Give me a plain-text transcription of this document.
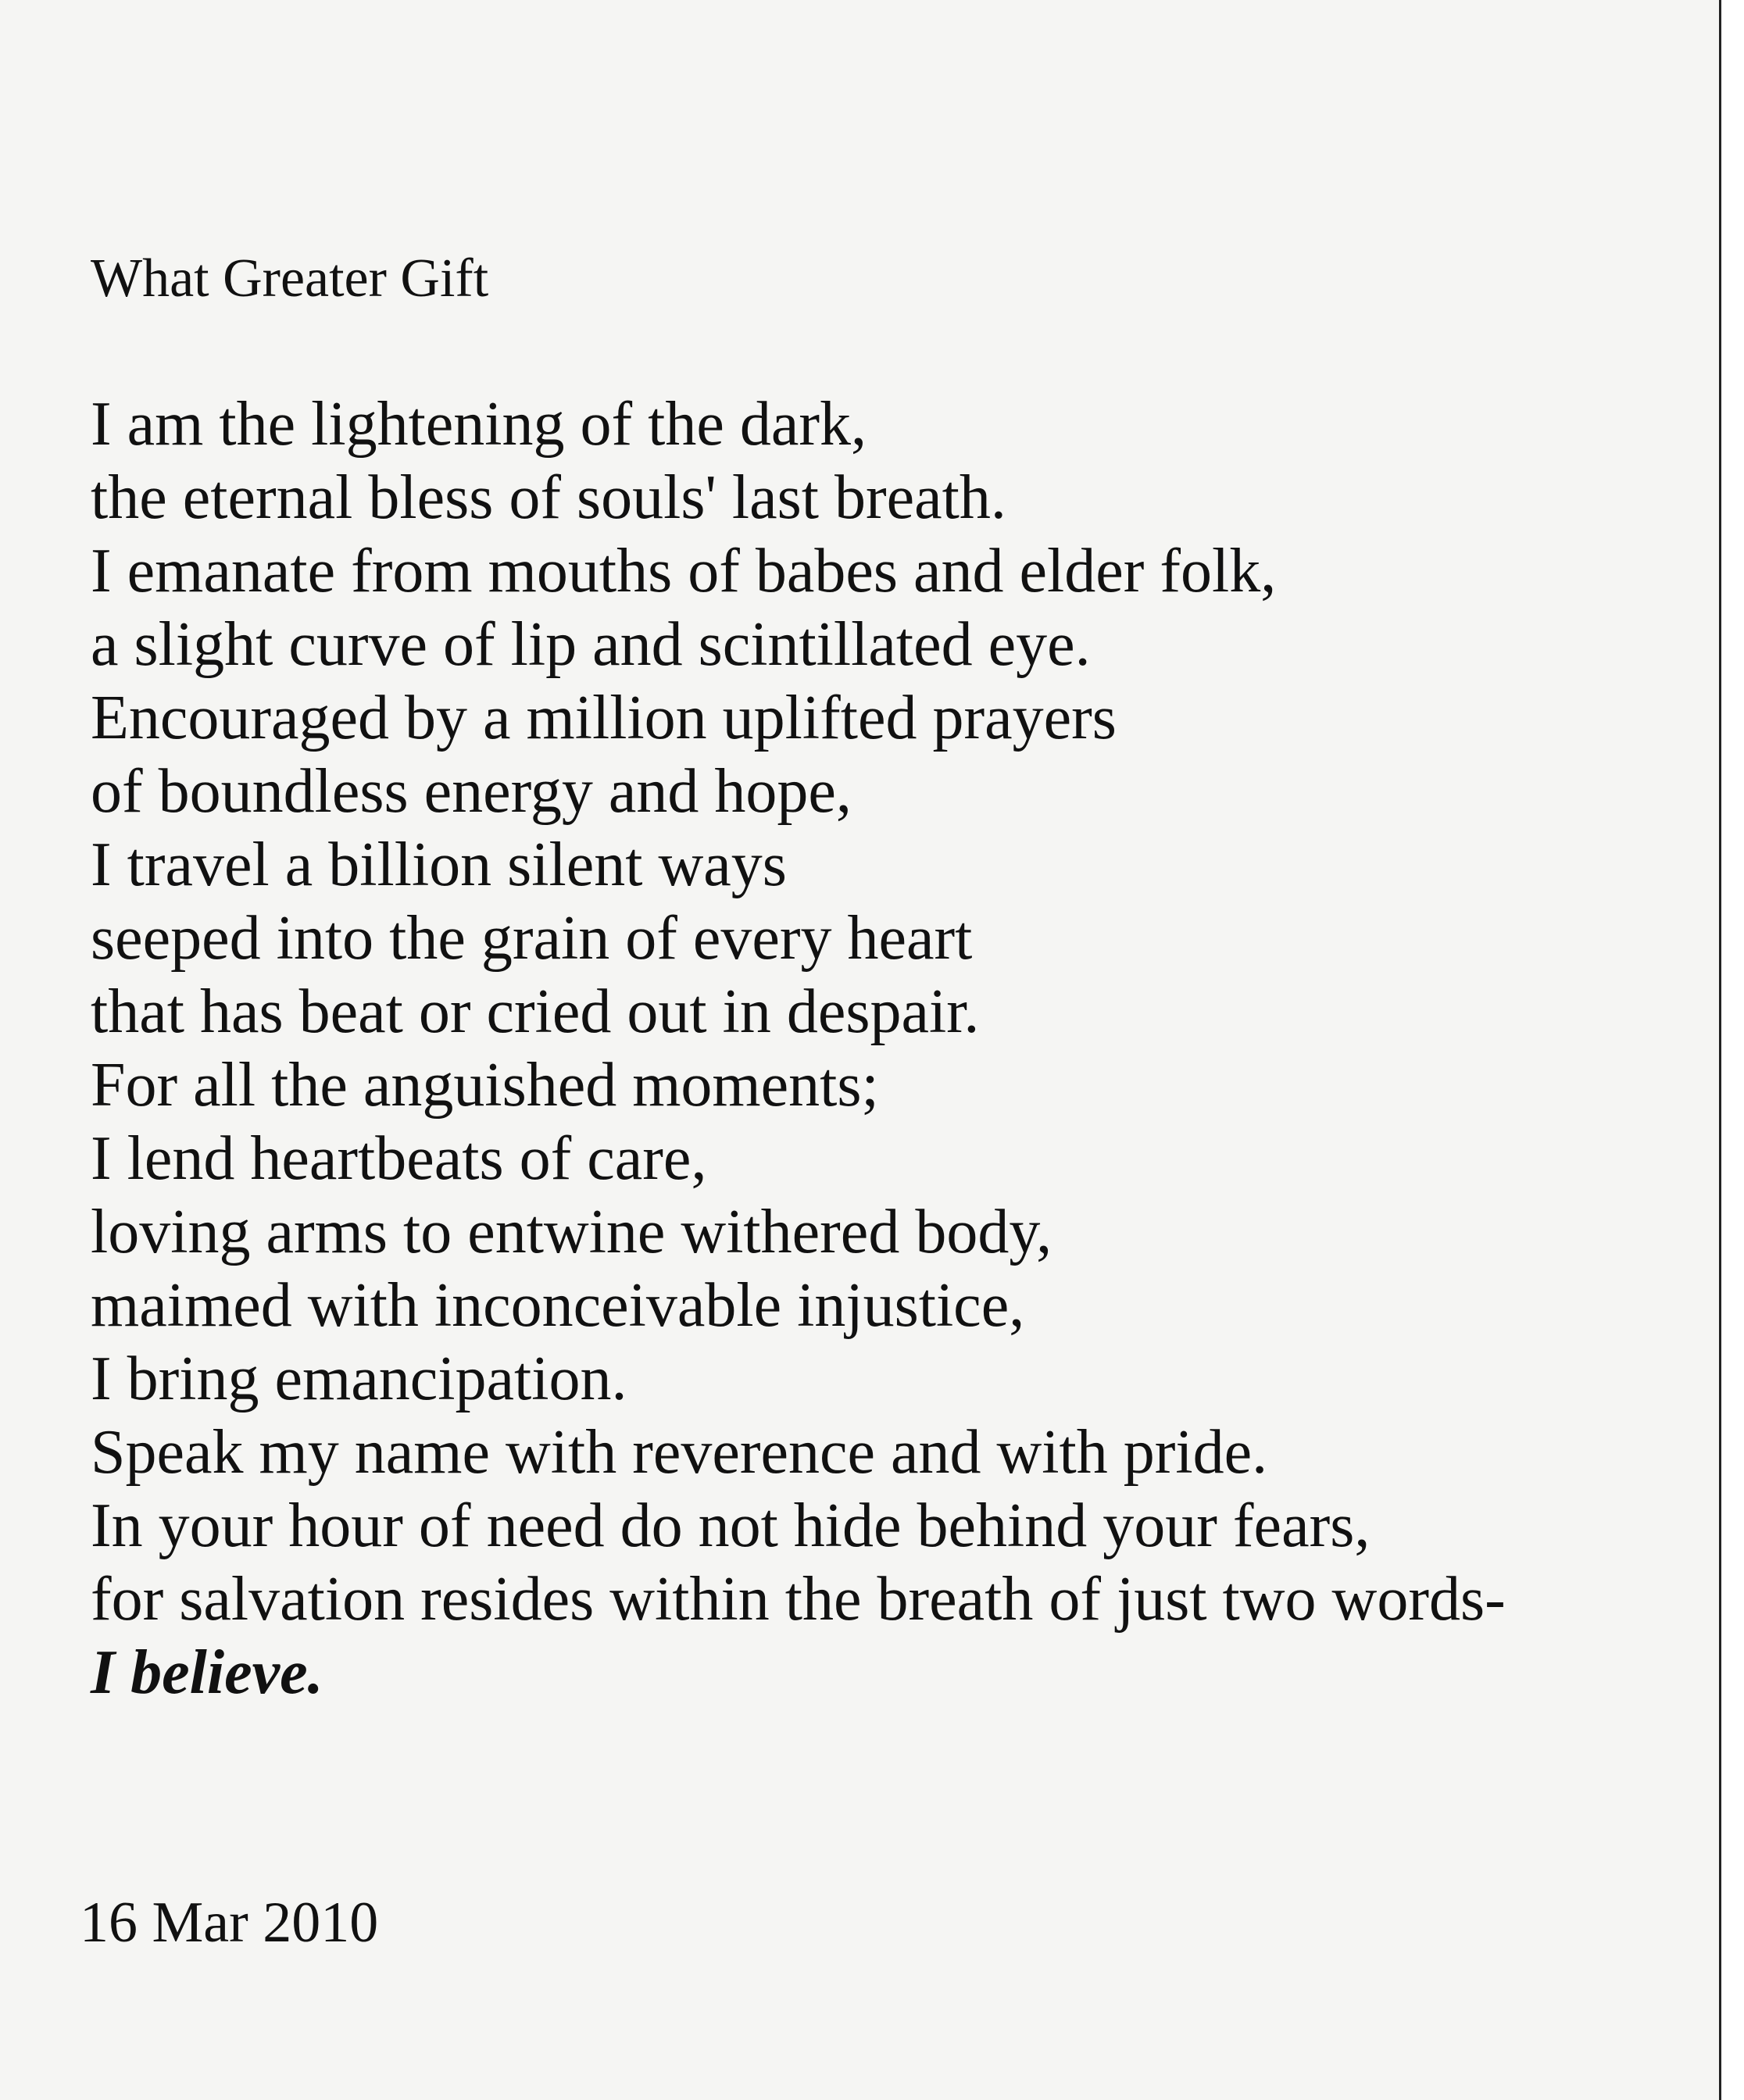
What Greater Gift
I am the lightening of the dark,
the eternal bless of souls' last breath.
I emanate from mouths of babes and elder folk,
a slight curve of lip and scintillated eye.
Encouraged by a million uplifted prayers
of boundless energy and hope,
I travel a billion silent ways
seeped into the grain of every heart
that has beat or cried out in despair.
For all the anguished moments;
I lend heartbeats of care,
loving arms to entwine withered body,
maimed with inconceivable injustice,
I bring emancipation.
Speak my name with reverence and with pride.
In your hour of need do not hide behind your fears,
for salvation resides within the breath of just two words-
I believe.
16 Mar 2010
